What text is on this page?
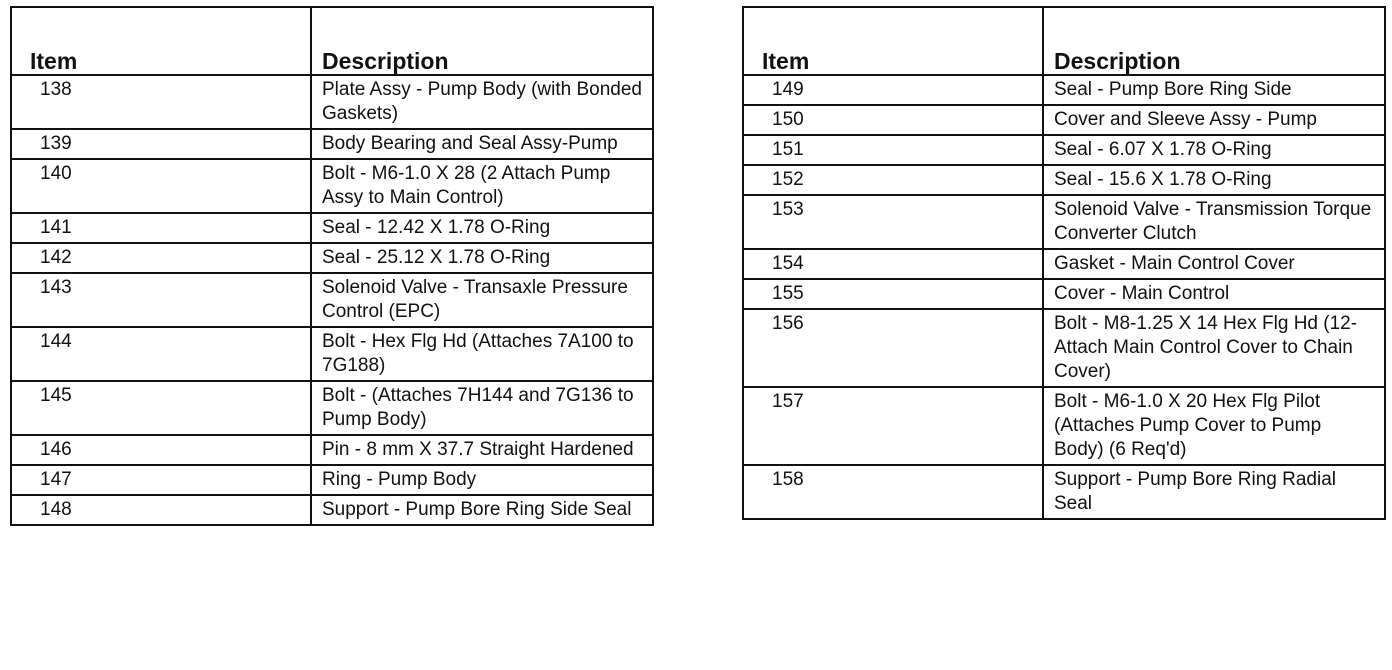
Item	Description
138	Plate Assy - Pump Body (with Bonded Gaskets)
139	Body Bearing and Seal Assy-Pump
140	Bolt - M6-1.0 X 28 (2 Attach Pump Assy to Main Control)
141	Seal - 12.42 X 1.78 O-Ring
142	Seal - 25.12 X 1.78 O-Ring
143	Solenoid Valve - Transaxle Pressure Control (EPC)
144	Bolt - Hex Flg Hd (Attaches 7A100 to 7G188)
145	Bolt - (Attaches 7H144 and 7G136 to Pump Body)
146	Pin - 8 mm X 37.7 Straight Hardened
147	Ring - Pump Body
148	Support - Pump Bore Ring Side Seal
Item	Description
149	Seal - Pump Bore Ring Side
150	Cover and Sleeve Assy - Pump
151	Seal - 6.07 X 1.78 O-Ring
152	Seal - 15.6 X 1.78 O-Ring
153	Solenoid Valve - Transmission Torque Converter Clutch
154	Gasket - Main Control Cover
155	Cover - Main Control
156	Bolt - M8-1.25 X 14 Hex Flg Hd (12-Attach Main Control Cover to Chain Cover)
157	Bolt - M6-1.0 X 20 Hex Flg Pilot (Attaches Pump Cover to Pump Body) (6 Req'd)
158	Support - Pump Bore Ring Radial Seal
